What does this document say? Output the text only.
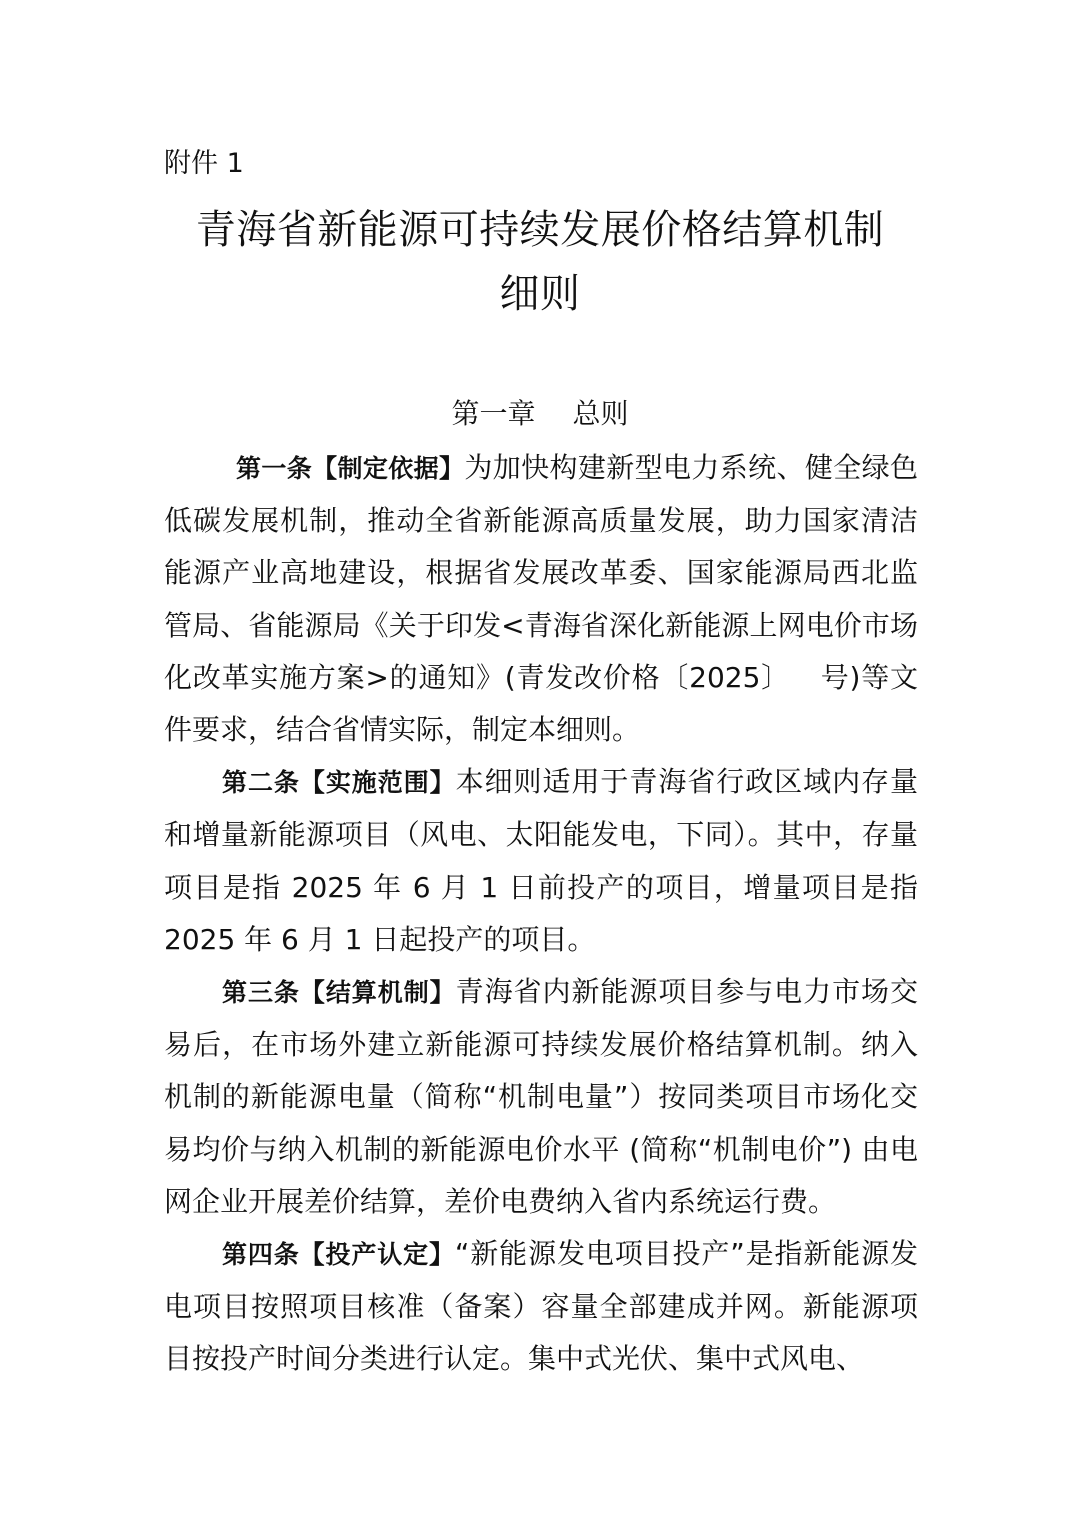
附件 1
青海省新能源可持续发展价格结算机制
细则
第一章　 总则

第一条【制定依据】为加快构建新型电力系统、健全绿色低碳发展机制，推动全省新能源高质量发展，助力国家清洁能源产业高地建设，根据省发展改革委、国家能源局西北监管局、省能源局《关于印发<青海省深化新能源上网电价市场化改革实施方案>的通知》(青发改价格〔2025〕 号)等文件要求，结合省情实际，制定本细则。

第二条【实施范围】本细则适用于青海省行政区域内存量和增量新能源项目（风电、太阳能发电，下同）。其中，存量项目是指 2025 年 6 月 1 日前投产的项目，增量项目是指 2025 年 6 月 1 日起投产的项目。

第三条【结算机制】青海省内新能源项目参与电力市场交易后，在市场外建立新能源可持续发展价格结算机制。纳入机制的新能源电量（简称“机制电量”）按同类项目市场化交易均价与纳入机制的新能源电价水平 (简称“机制电价”) 由电网企业开展差价结算，差价电费纳入省内系统运行费。

第四条【投产认定】“新能源发电项目投产”是指新能源发电项目按照项目核准（备案）容量全部建成并网。新能源项目按投产时间分类进行认定。集中式光伏、集中式风电、
